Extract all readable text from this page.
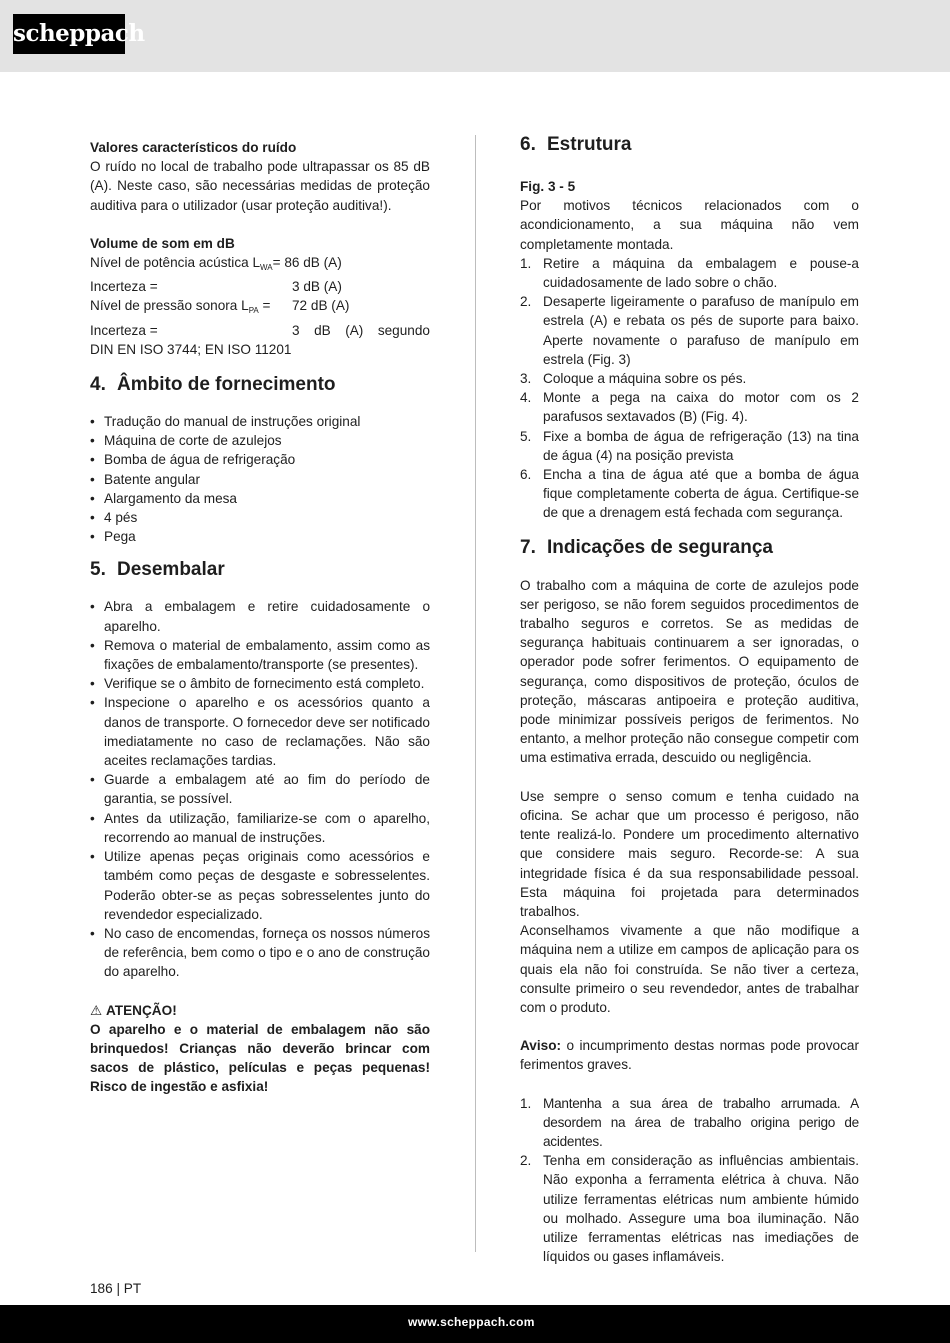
scheppach

Valores característicos do ruído

O ruído no local de trabalho pode ultrapassar os 85 dB (A). Neste caso, são necessárias medidas de proteção auditiva para o utilizador (usar proteção auditiva!).

Volume de som em dB

Nível de potência acústica $L_{WA} = 86$ dB (A)
Incerteza =	3 dB (A)
Nível de pressão sonora $L_{PA}$ =	72 dB (A)
Incerteza =	3 dB (A) segundo

DIN EN ISO 3744; EN ISO 11201

4. Âmbito de fornecimento
• Tradução do manual de instruções original
• Máquina de corte de azulejos
• Bomba de água de refrigeração
• Batente angular
• Alargamento da mesa
• 4 pés
• Pega
5. Desembalar
• Abra a embalagem e retire cuidadosamente o aparelho.
• Remova o material de embalamento, assim como as fixações de embalamento/transporte (se presentes).
• Verifique se o âmbito de fornecimento está completo.
• Inspecione o aparelho e os acessórios quanto a danos de transporte. O fornecedor deve ser notificado imediatamente no caso de reclamações. Não são aceites reclamações tardias.
• Guarde a embalagem até ao fim do período de garantia, se possível.
• Antes da utilização, familiarize-se com o aparelho, recorrendo ao manual de instruções.
• Utilize apenas peças originais como acessórios e também como peças de desgaste e sobresselentes. Poderão obter-se as peças sobresselentes junto do revendedor especializado.
• No caso de encomendas, forneça os nossos números de referência, bem como o tipo e o ano de construção do aparelho.

⚠ ATENÇÃO!

O aparelho e o material de embalagem não são brinquedos! Crianças não deverão brincar com sacos de plástico, películas e peças pequenas! Risco de ingestão e asfixia!

6. Estrutura

Fig. 3 - 5

Por motivos técnicos relacionados com o acondicionamento, a sua máquina não vem completamente montada.

1. Retire a máquina da embalagem e pouse-a cuidadosamente de lado sobre o chão.
2. Desaperte ligeiramente o parafuso de manípulo em estrela (A) e rebata os pés de suporte para baixo. Aperte novamente o parafuso de manípulo em estrela (Fig. 3)
3. Coloque a máquina sobre os pés.
4. Monte a pega na caixa do motor com os 2 parafusos sextavados (B) (Fig. 4).
5. Fixe a bomba de água de refrigeração (13) na tina de água (4) na posição prevista
6. Encha a tina de água até que a bomba de água fique completamente coberta de água. Certifique-se de que a drenagem está fechada com segurança.
7. Indicações de segurança

O trabalho com a máquina de corte de azulejos pode ser perigoso, se não forem seguidos procedimentos de trabalho seguros e corretos. Se as medidas de segurança habituais continuarem a ser ignoradas, o operador pode sofrer ferimentos. O equipamento de segurança, como dispositivos de proteção, óculos de proteção, máscaras antipoeira e proteção auditiva, pode minimizar possíveis perigos de ferimentos. No entanto, a melhor proteção não consegue competir com uma estimativa errada, descuido ou negligência.

Use sempre o senso comum e tenha cuidado na oficina. Se achar que um processo é perigoso, não tente realizá-lo. Pondere um procedimento alternativo que considere mais seguro. Recorde-se: A sua integridade física é da sua responsabilidade pessoal. Esta máquina foi projetada para determinados trabalhos.

Aconselhamos vivamente a que não modifique a máquina nem a utilize em campos de aplicação para os quais ela não foi construída. Se não tiver a certeza, consulte primeiro o seu revendedor, antes de trabalhar com o produto.

Aviso: o incumprimento destas normas pode provocar ferimentos graves.

1. Mantenha a sua área de trabalho arrumada. A desordem na área de trabalho origina perigo de acidentes.
2. Tenha em consideração as influências ambientais. Não exponha a ferramenta elétrica à chuva. Não utilize ferramentas elétricas num ambiente húmido ou molhado. Assegure uma boa iluminação. Não utilize ferramentas elétricas nas imediações de líquidos ou gases inflamáveis.
186 | PT
www.scheppach.com
